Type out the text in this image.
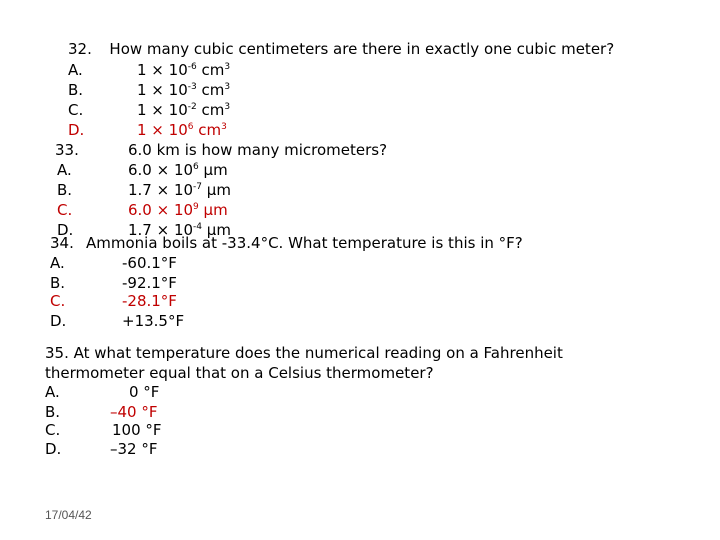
32. How many cubic centimeters are there in exactly one cubic meter?
A.	$1 \times 10^{-6}$ $cm^3$
B.	$1 \times 10^{-3}$ $cm^3$
C.	$1 \times 10^{-2}$ $cm^3$
D.	$1 \times 10^6$ $cm^3$
33.	6.0 km is how many micrometers?
A.	$6.0 \times 10^6$ μm
B.	$1.7 \times 10^{-7}$ μm
C.	$6.0 \times 10^9$ μm
D.	$1.7 \times 10^{-4}$ μm
34. Ammonia boils at -33.4°C. What temperature is this in °F?
A.	-60.1°F
B.	-92.1°F
C.	-28.1°F
D.	+13.5°F
35. At what temperature does the numerical reading on a Fahrenheit
thermometer equal that on a Celsius thermometer?
A.	0 °F
B.	–40 °F
C.	100 °F
D.	–32 °F
17/04/42
